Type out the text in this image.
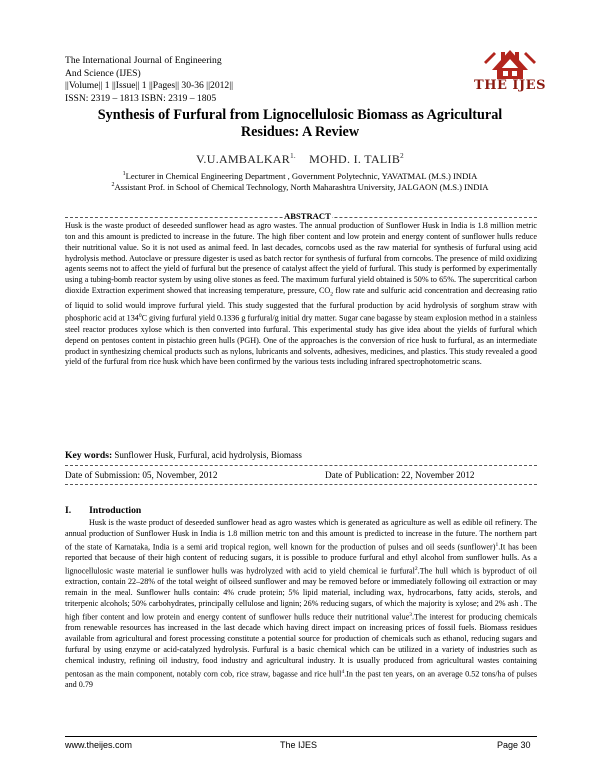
The International Journal of Engineering
And Science (IJES)
||Volume|| 1 ||Issue|| 1 ||Pages|| 30-36 ||2012||
ISSN: 2319 – 1813 ISBN: 2319 – 1805
THE IJES
Synthesis of Furfural from Lignocellulosic Biomass as Agricultural
Residues: A Review
$V.U.AMBALKAR^{1.}$ MOHD. I. TALIB$^2$
$^1$Lecturer in Chemical Engineering Department , Government Polytechnic, YAVATMAL (M.S.) INDIA
$^2$Assistant Prof. in School of Chemical Technology, North Maharashtra University, JALGAON (M.S.) INDIA
ABSTRACT
Husk is the waste product of deseeded sunflower head as agro wastes. The annual production of Sunflower Husk in India is 1.8 million metric ton and this amount is predicted to increase in the future. The high fiber content and low protein and energy content of sunflower hulls reduce their nutritional value. So it is not used as animal feed. In last decades, corncobs used as the raw material for synthesis of furfural using acid hydrolysis method. Autoclave or pressure digester is used as batch rector for synthesis of furfural from corncobs. The presence of mild oxidizing agents seems not to affect the yield of furfural but the presence of catalyst affect the yield of furfural. This study is performed by experimentally using a tubing-bomb reactor system by using olive stones as feed. The maximum furfural yield obtained is 50% to 65%. The supercritical carbon dioxide Extraction experiment showed that increasing temperature, pressure, $CO_2$ flow rate and sulfuric acid concentration and decreasing ratio of liquid to solid would improve furfural yield. This study suggested that the furfural production by acid hydrolysis of sorghum straw with phosphoric acid at $134^0C$ giving furfural yield 0.1336 g furfural/g initial dry matter. Sugar cane bagasse by steam explosion method in a stainless steel reactor produces xylose which is then converted into furfural. This experimental study has give idea about the yields of furfural which depend on pentoses content in pistachio green hulls (PGH). One of the approaches is the conversion of rice husk to furfural, as an intermediate product in synthesizing chemical products such as nylons, lubricants and solvents, adhesives, medicines, and plastics. This study revealed a good yield of the furfural from rice husk which have been confirmed by the various tests including infrared spectrophotometric scans.
Key words: Sunflower Husk, Furfural, acid hydrolysis, Biomass
Date of Submission: 05, November, 2012	Date of Publication: 22, November 2012
I. Introduction
Husk is the waste product of deseeded sunflower head as agro wastes which is generated as agriculture as well as edible oil refinery. The annual production of Sunflower Husk in India is 1.8 million metric ton and this amount is predicted to increase in the future. The northern part of the state of Karnataka, India is a semi arid tropical region, well known for the production of pulses and oil seeds (sunflower)$^1$.It has been reported that because of their high content of reducing sugars, it is possible to produce furfural and ethyl alcohol from sunflower hulls. As a lignocellulosic waste material ie sunflower hulls was hydrolyzed with acid to yield chemical ie furfural$^2$.The hull which is byproduct of oil extraction, contain 22–28% of the total weight of oilseed sunflower and may be removed before or immediately following oil extraction or may remain in the meal. Sunflower hulls contain: 4% crude protein; 5% lipid material, including wax, hydrocarbons, fatty acids, sterols, and triterpenic alcohols; 50% carbohydrates, principally cellulose and lignin; 26% reducing sugars, of which the majority is xylose; and 2% ash . The high fiber content and low protein and energy content of sunflower hulls reduce their nutritional value$^3$.The interest for producing chemicals from renewable resources has increased in the last decade which having direct impact on increasing prices of fossil fuels. Biomass residues available from agricultural and forest processing constitute a potential source for production of chemicals such as ethanol, reducing sugars and furfural by using enzyme or acid-catalyzed hydrolysis. Furfural is a basic chemical which can be utilized in a variety of industries such as chemical industry, refining oil industry, food industry and agricultural industry. It is usually produced from agricultural wastes containing pentosan as the main component, notably corn cob, rice straw, bagasse and rice hull$^4$.In the past ten years, on an average 0.52 tons/ha of pulses and 0.79
www.theijes.com	The IJES	Page 30
